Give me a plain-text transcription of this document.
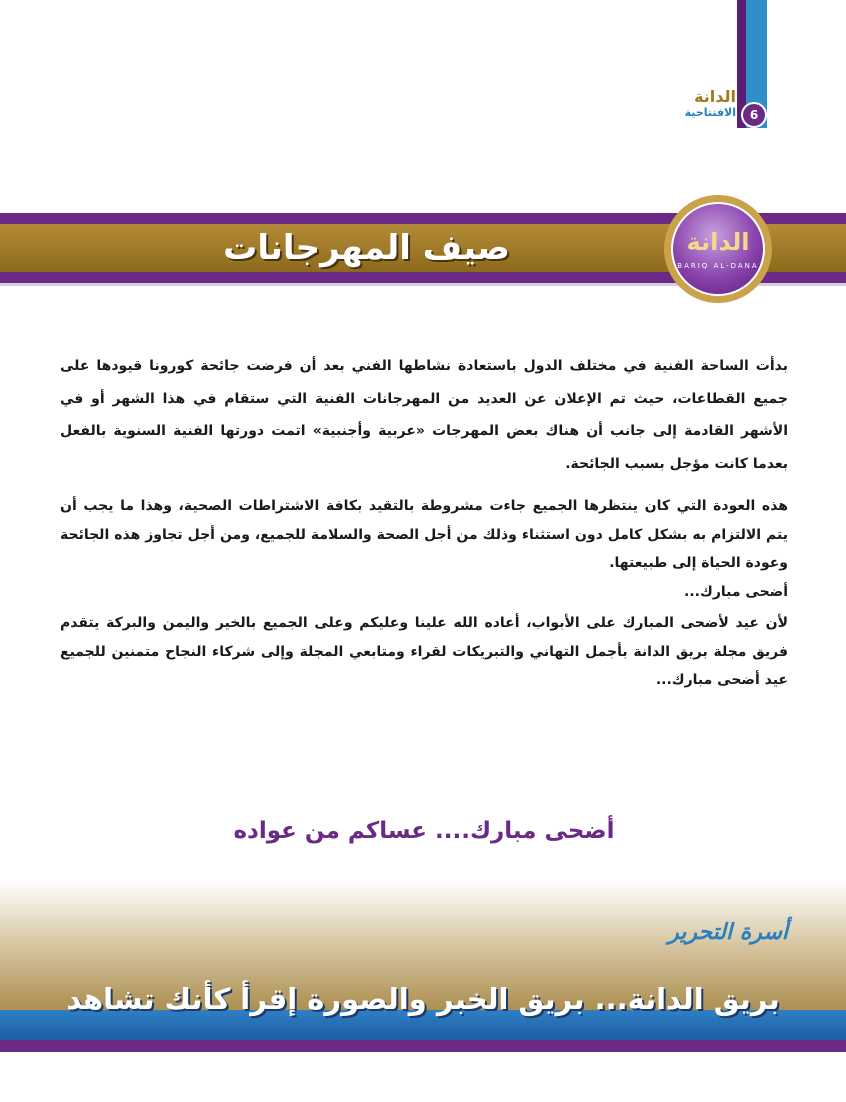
6
الدانة
الافتتاحية
صيف المهرجانات	الدانة
BARIQ AL-DANA

بدأت الساحة الفنية في مختلف الدول باستعادة نشاطها الفني بعد أن فرضت جائحة كورونا قيودها على جميع القطاعات، حيث تم الإعلان عن العديد من المهرجانات الفنية التي ستقام في هذا الشهر أو في الأشهر القادمة إلى جانب أن هناك بعض المهرجات «عربية وأجنبية» اتمت دورتها الفنية السنوية بالفعل بعدما كانت مؤجل بسبب الجائحة.

هذه العودة التي كان ينتظرها الجميع جاءت مشروطة بالتقيد بكافة الاشتراطات الصحية، وهذا ما يجب أن يتم الالتزام به بشكل كامل دون استثناء وذلك من أجل الصحة والسلامة للجميع، ومن أجل تجاوز هذه الجائحة وعودة الحياة إلى طبيعتها.

أضحى مبارك...

لأن عيد لأضحى المبارك على الأبواب، أعاده الله علينا وعليكم وعلى الجميع بالخير واليمن والبركة يتقدم فريق مجلة بريق الدانة بأجمل التهاني والتبريكات لقراء ومتابعي المجلة وإلى شركاء النجاح متمنين للجميع عيد أضحى مبارك...

أضحى مبارك.... عساكم من عواده
أسرة التحرير
بريق الدانة... بريق الخبر والصورة إقرأ كأنك تشاهد
